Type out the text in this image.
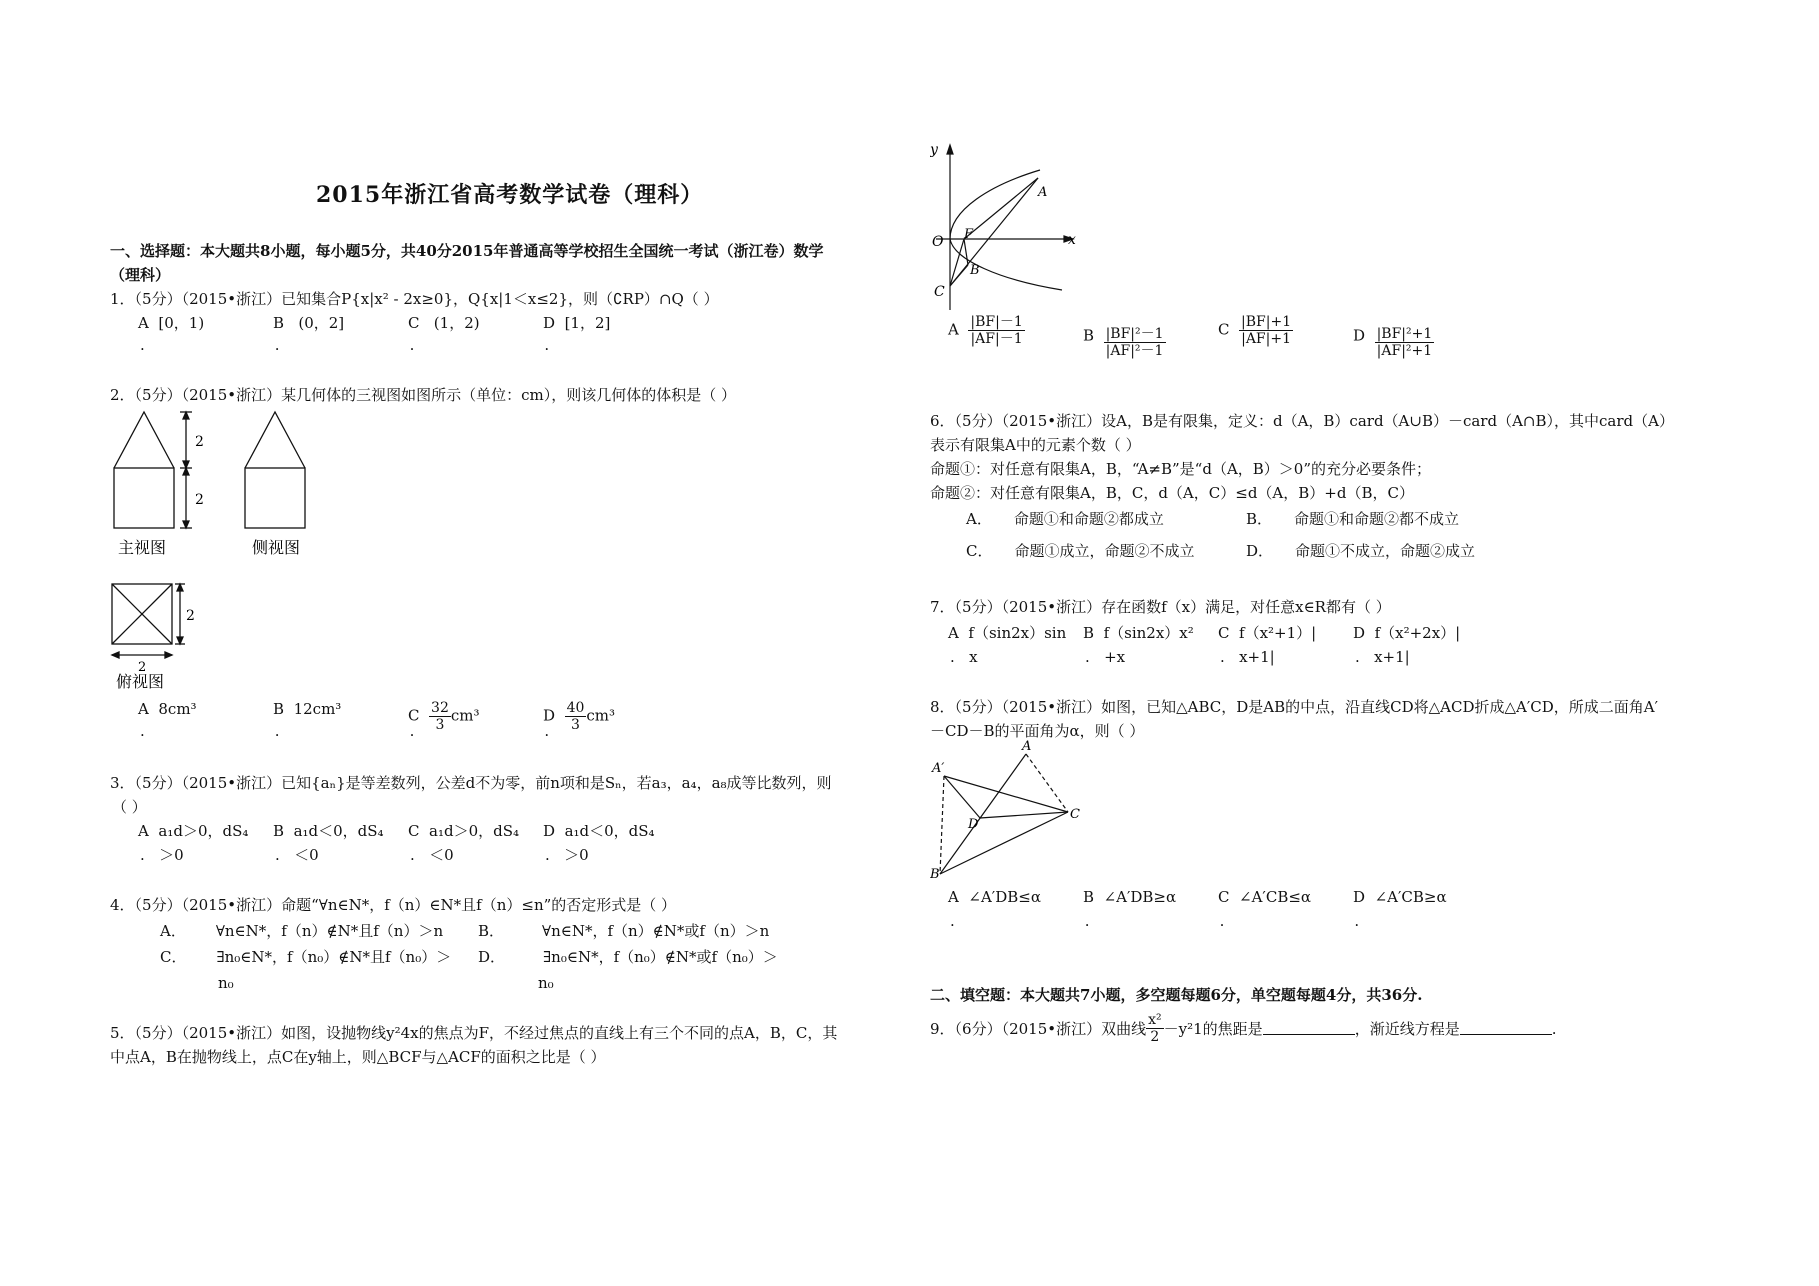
2015年浙江省高考数学试卷（理科）
一、选择题：本大题共8小题，每小题5分，共40分2015年普通高等学校招生全国统一考试（浙江卷）数学
（理科）
1．（5分）（2015•浙江）已知集合P{x|x² - 2x≥0}，Q{x|1＜x≤2}，则（∁RP）∩Q（ ）
A [0，1)	B (0，2]	C (1，2)	D [1，2]
.	.	.	.
2．（5分）（2015•浙江）某几何体的三视图如图所示（单位：cm），则该几何体的体积是（ ）
2
2
主视图	侧视图
2
2
俯视图
A 8cm³	B 12cm³	C $\frac{32}{3} cm^3$	D $\frac{40}{3} cm^3$
.	.	.	.
3．（5分）（2015•浙江）已知{aₙ}是等差数列，公差d不为零，前n项和是Sₙ，若a₃，a₄，a₈成等比数列，则
（ ）
A a₁d＞0，dS₄ B a₁d＜0，dS₄ C a₁d＞0，dS₄ D a₁d＜0，dS₄
.   ＞0	.   ＜0	.   ＜0	.   ＞0
4．（5分）（2015•浙江）命题“∀n∈N*，f（n）∈N*且f（n）≤n”的否定形式是（ ）
A． ∀n∈N*，f（n）∉N*且f（n）＞n B．	∀n∈N*，f（n）∉N*或f（n）＞n
C． ∃n₀∈N*，f（n₀）∉N*且f（n₀）＞ D．	∃n₀∈N*，f（n₀）∉N*或f（n₀）＞
n₀	n₀
5．（5分）（2015•浙江）如图，设抛物线y²4x的焦点为F，不经过焦点的直线上有三个不同的点A，B，C，其
中点A，B在抛物线上，点C在y轴上，则△BCF与△ACF的面积之比是（ ）
y
x
O F
A
B
C
A $\frac{|BF|-1}{|AF|-1}$	B $\frac{\text{|BF|²－1}}{\text{|AF|²－1}}$	C $\frac{|BF|+1}{|AF|+1}$	D $\frac{\text{|BF|²+1}}{\text{|AF|²+1}}$
6．（5分）（2015•浙江）设A，B是有限集，定义：d（A，B）card（A∪B）－card（A∩B），其中card（A）
表示有限集A中的元素个数（ ）
命题①：对任意有限集A，B，“A≠B”是“d（A，B）＞0”的充分必要条件；
命题②：对任意有限集A，B，C，d（A，C）≤d（A，B）+d（B，C）
A． 命题①和命题②都成立	B． 命题①和命题②都不成立
C． 命题①成立，命题②不成立	D． 命题①不成立，命题②成立
7．（5分）（2015•浙江）存在函数f（x）满足，对任意x∈R都有（ ）
A f（sin2x）sin B f（sin2x）x² C f（x²+1）| D f（x²+2x）|
.   x	.   +x	.   x+1|	.   x+1|
8．（5分）（2015•浙江）如图，已知△ABC，D是AB的中点，沿直线CD将△ACD折成△A′CD，所成二面角A′
－CD－B的平面角为α，则（ ）
A
A′
D
C
B
A ∠A′DB≤α	B ∠A′DB≥α	C ∠A′CB≤α	D ∠A′CB≥α
.	.	.	.
二、填空题：本大题共7小题，多空题每题6分，单空题每题4分，共36分.
9．（6分）（2015•浙江）双曲线 $\frac{\text{x²}}{2} -y^21$的焦距是	，渐近线方程是	.
